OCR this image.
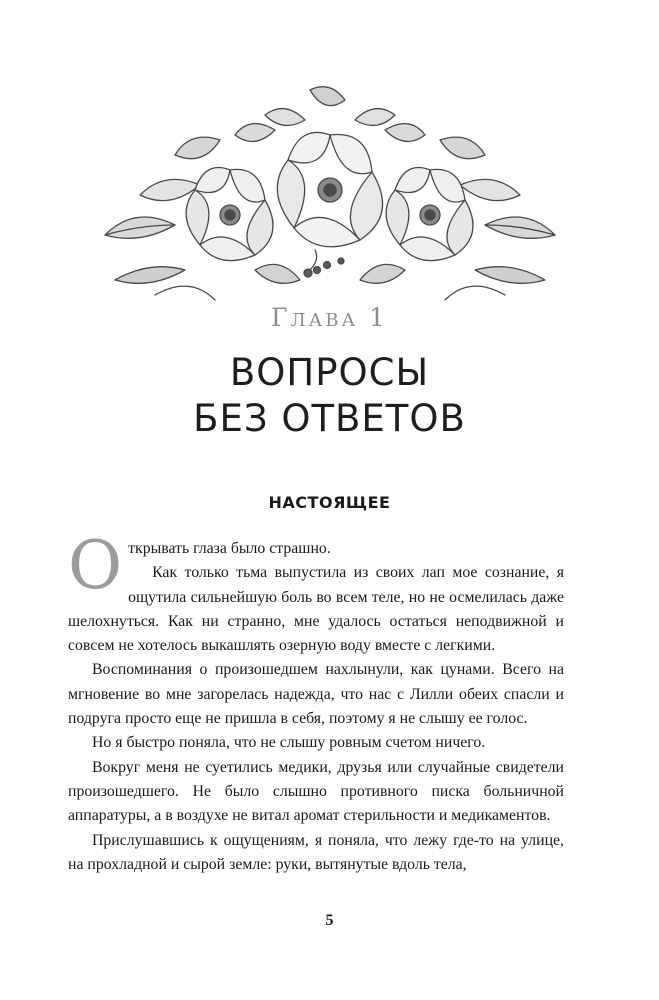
Глава 1
ВОПРОСЫ
БЕЗ ОТВЕТОВ
НАСТОЯЩЕЕ

Открывать глаза было страшно.

Как только тьма выпустила из своих лап мое сознание, я ощутила сильнейшую боль во всем теле, но не осмелилась даже шелохнуться. Как ни странно, мне удалось остаться неподвижной и совсем не хотелось выкашлять озерную воду вместе с легкими.

Воспоминания о произошедшем нахлынули, как цунами. Всего на мгновение во мне загорелась надежда, что нас с Лилли обеих спасли и подруга просто еще не пришла в себя, поэтому я не слышу ее голос.

Но я быстро поняла, что не слышу ровным счетом ничего.

Вокруг меня не суетились медики, друзья или случайные свидетели произошедшего. Не было слышно противного писка больничной аппаратуры, а в воздухе не витал аромат стерильности и медикаментов.

Прислушавшись к ощущениям, я поняла, что лежу где-то на улице, на прохладной и сырой земле: руки, вытянутые вдоль тела,

5
